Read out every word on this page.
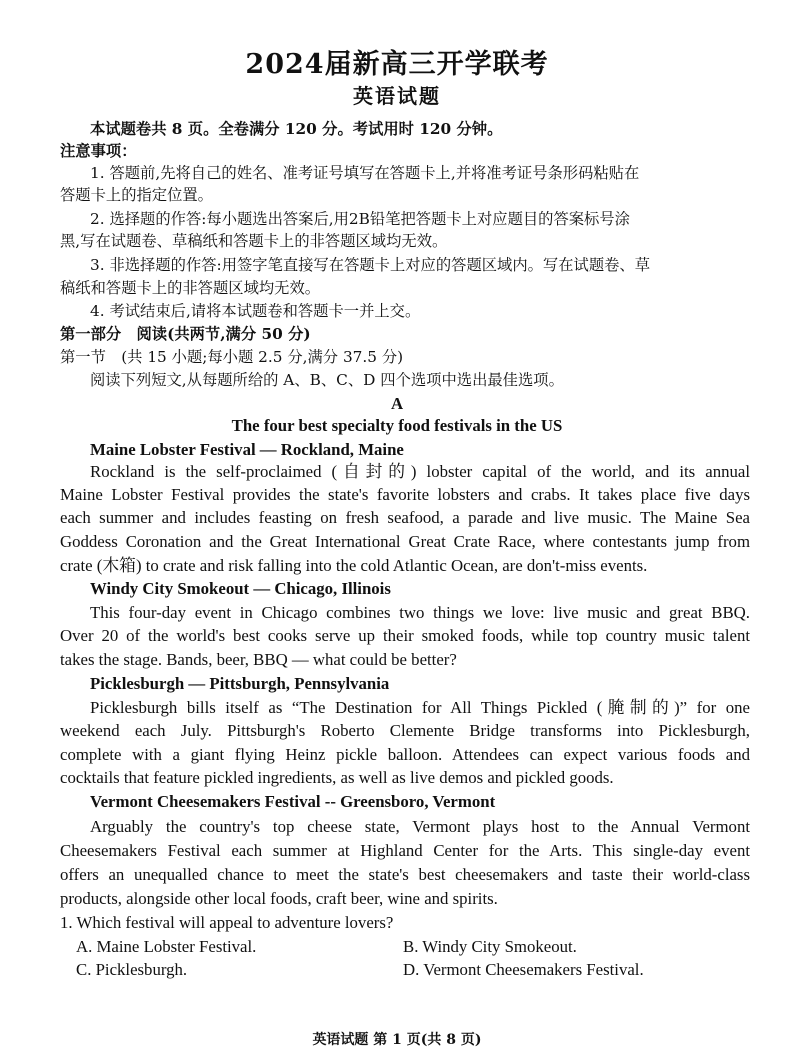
2024届新高三开学联考
英语试题
本试题卷共 8 页。全卷满分 120 分。考试用时 120 分钟。
注意事项：
1. 答题前,先将自己的姓名、准考证号填写在答题卡上,并将准考证号条形码粘贴在
答题卡上的指定位置。
2. 选择题的作答:每小题选出答案后,用2B铅笔把答题卡上对应题目的答案标号涂
黑,写在试题卷、草稿纸和答题卡上的非答题区域均无效。
3. 非选择题的作答:用签字笔直接写在答题卡上对应的答题区域内。写在试题卷、草
稿纸和答题卡上的非答题区域均无效。
4. 考试结束后,请将本试题卷和答题卡一并上交。
第一部分　阅读(共两节,满分 50 分)
第一节　(共 15 小题;每小题 2.5 分,满分 37.5 分)
阅读下列短文,从每题所给的 A、B、C、D 四个选项中选出最佳选项。
A
The four best specialty food festivals in the US
Maine Lobster Festival — Rockland, Maine
Rockland is the self-proclaimed (自封的) lobster capital of the world, and its annual
Maine Lobster Festival provides the state's favorite lobsters and crabs. It takes place five days
each summer and includes feasting on fresh seafood, a parade and live music. The Maine Sea
Goddess Coronation and the Great International Great Crate Race, where contestants jump from
crate (木箱) to crate and risk falling into the cold Atlantic Ocean, are don't-miss events.
Windy City Smokeout — Chicago, Illinois
This four-day event in Chicago combines two things we love: live music and great BBQ.
Over 20 of the world's best cooks serve up their smoked foods, while top country music talent
takes the stage. Bands, beer, BBQ — what could be better?
Picklesburgh — Pittsburgh, Pennsylvania
Picklesburgh bills itself as “The Destination for All Things Pickled (腌制的)” for one
weekend each July. Pittsburgh's Roberto Clemente Bridge transforms into Picklesburgh,
complete with a giant flying Heinz pickle balloon. Attendees can expect various foods and
cocktails that feature pickled ingredients, as well as live demos and pickled goods.
Vermont Cheesemakers Festival -- Greensboro, Vermont
Arguably the country's top cheese state, Vermont plays host to the Annual Vermont
Cheesemakers Festival each summer at Highland Center for the Arts. This single-day event
offers an unequalled chance to meet the state's best cheesemakers and taste their world-class
products, alongside other local foods, craft beer, wine and spirits.
1. Which festival will appeal to adventure lovers?
A. Maine Lobster Festival.	B. Windy City Smokeout.
C. Picklesburgh.	D. Vermont Cheesemakers Festival.
英语试题 第 1 页(共 8 页)
